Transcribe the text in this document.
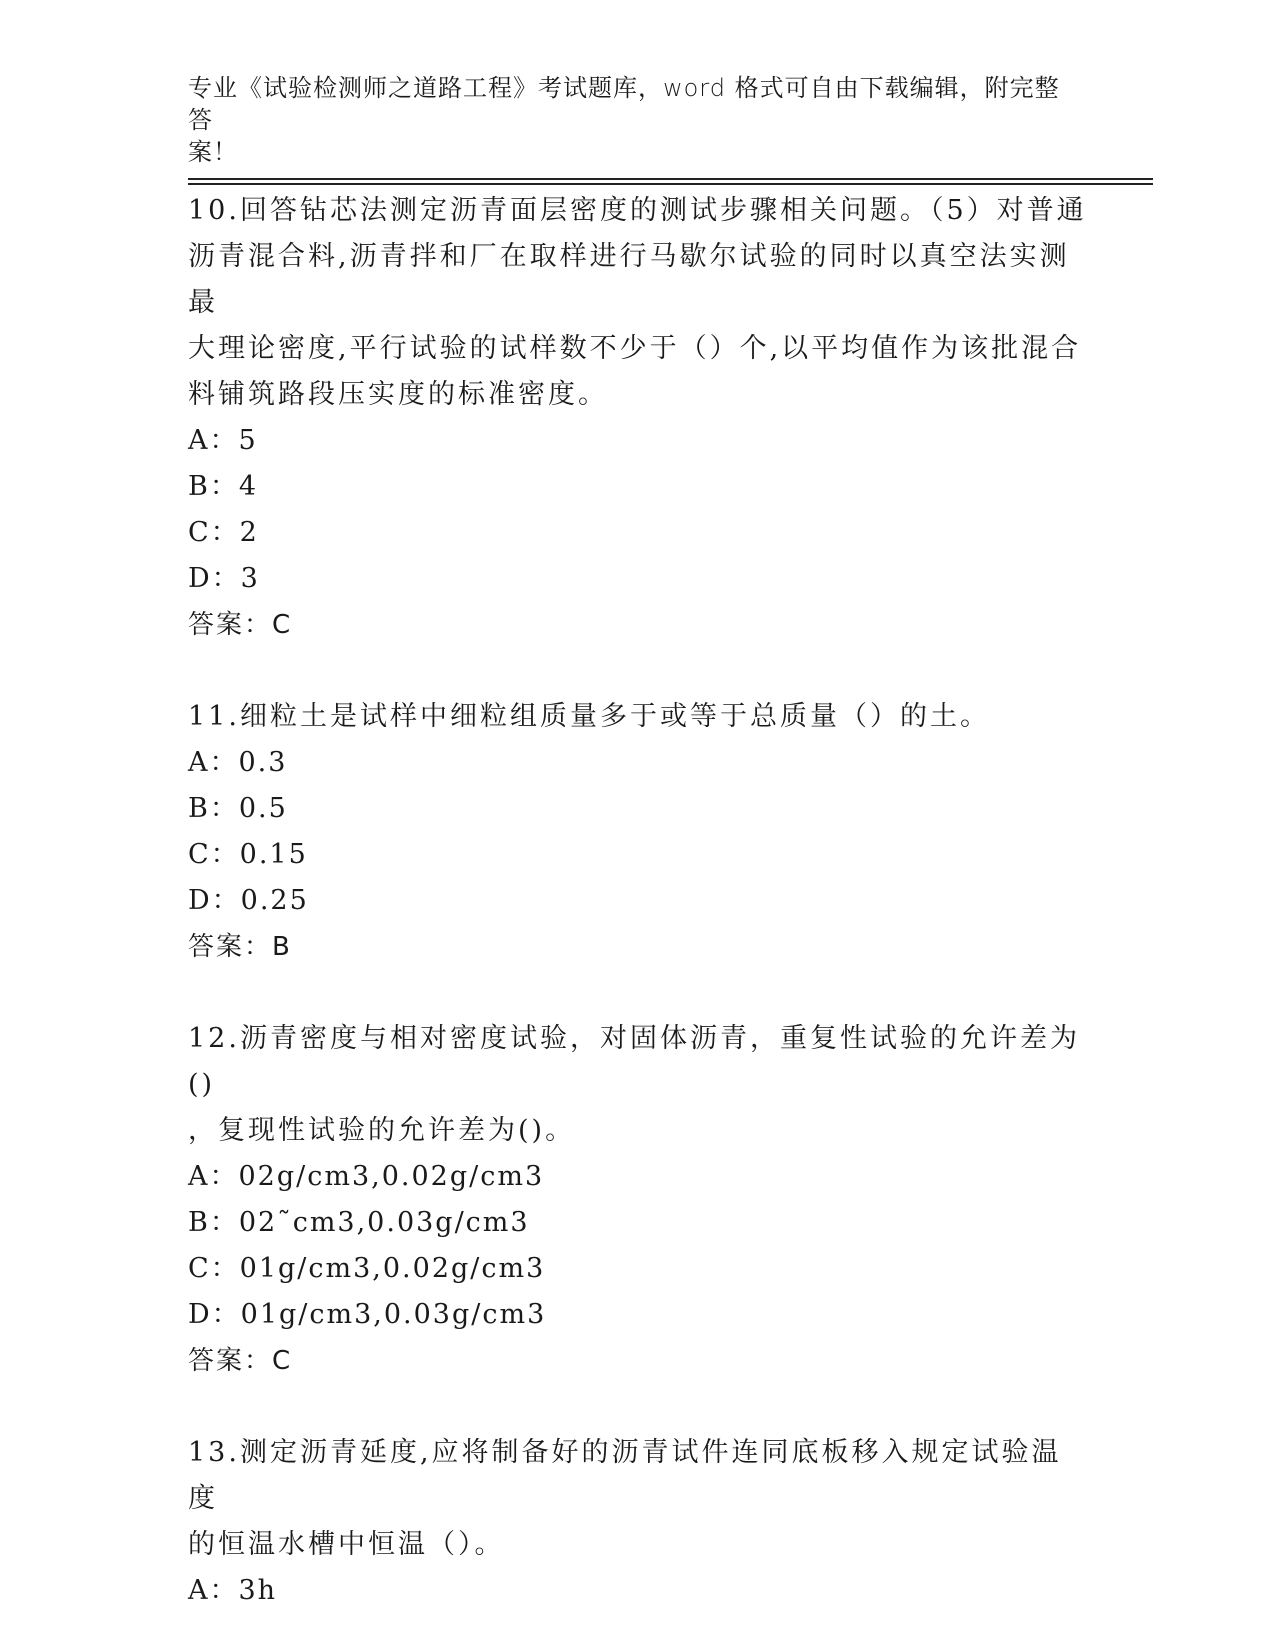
专业《试验检测师之道路工程》考试题库，word 格式可自由下载编辑，附完整答
案！

10.回答钻芯法测定沥青面层密度的测试步骤相关问题。（5）对普通

沥青混合料,沥青拌和厂在取样进行马歇尔试验的同时以真空法实测最

大理论密度,平行试验的试样数不少于（）个,以平均值作为该批混合

料铺筑路段压实度的标准密度。

A：5

B：4

C：2

D：3

答案：C

11.细粒土是试样中细粒组质量多于或等于总质量（）的土。

A：0.3

B：0.5

C：0.15

D：0.25

答案：B

12.沥青密度与相对密度试验，对固体沥青，重复性试验的允许差为()

，复现性试验的允许差为()。

A：02g/cm3,0.02g/cm3

B：02˜cm3,0.03g/cm3

C：01g/cm3,0.02g/cm3

D：01g/cm3,0.03g/cm3

答案：C

13.测定沥青延度,应将制备好的沥青试件连同底板移入规定试验温度

的恒温水槽中恒温（）。

A：3h
